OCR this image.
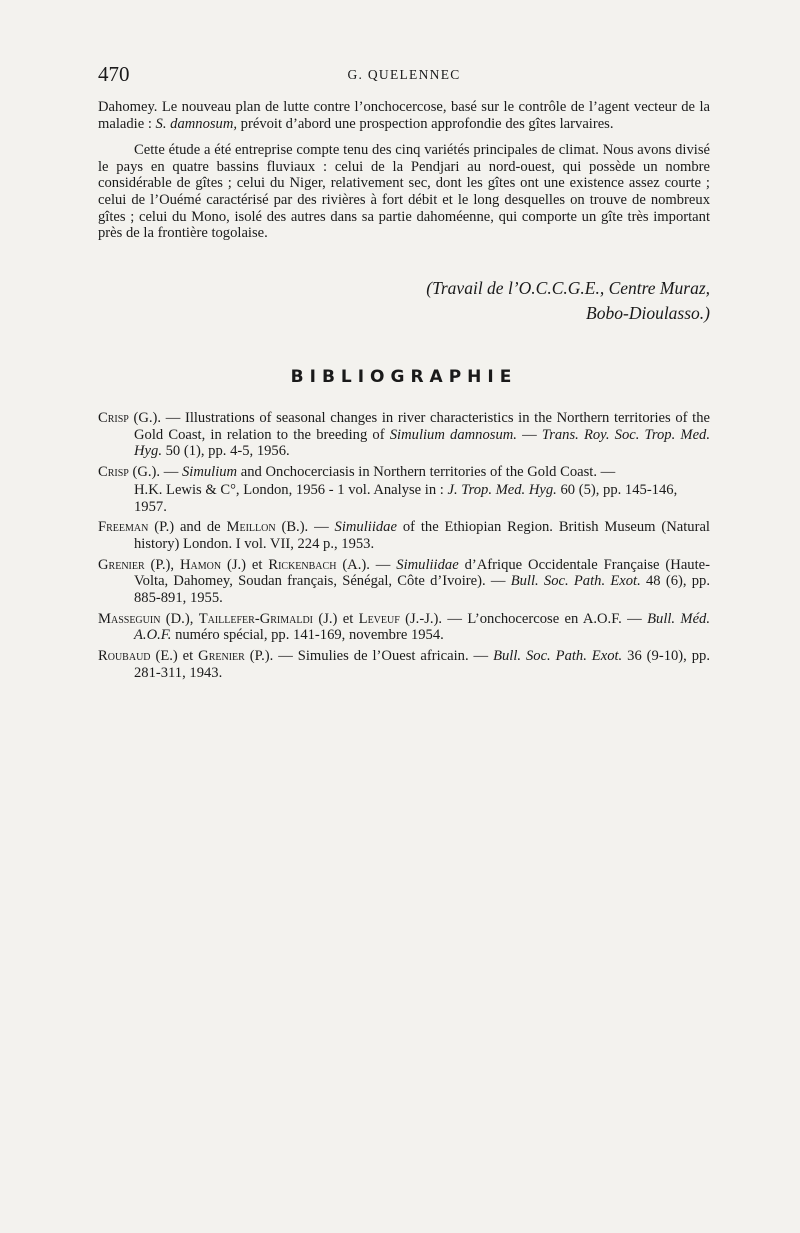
470	G. QUELENNEC

Dahomey. Le nouveau plan de lutte contre l’onchocercose, basé sur le contrôle de l’agent vecteur de la maladie : S. damnosum, prévoit d’abord une prospection approfondie des gîtes larvaires.

Cette étude a été entreprise compte tenu des cinq variétés principales de climat. Nous avons divisé le pays en quatre bassins fluviaux : celui de la Pendjari au nord-ouest, qui possède un nombre considérable de gîtes ; celui du Niger, relativement sec, dont les gîtes ont une existence assez courte ; celui de l’Ouémé caractérisé par des rivières à fort débit et le long desquelles on trouve de nombreux gîtes ; celui du Mono, isolé des autres dans sa partie dahoméenne, qui comporte un gîte très important près de la frontière togolaise.

(Travail de l’O.C.C.G.E., Centre Muraz,
Bobo-Dioulasso.)
BIBLIOGRAPHIE
Crisp (G.). — Illustrations of seasonal changes in river characteristics in the Northern territories of the Gold Coast, in relation to the breeding of Simulium damnosum. — Trans. Roy. Soc. Trop. Med. Hyg. 50 (1), pp. 4-5, 1956.
Crisp (G.). — Simulium and Onchocerciasis in Northern territories of the Gold Coast. —
H.K. Lewis & C°, London, 1956 - 1 vol. Analyse in : J. Trop. Med. Hyg. 60 (5), pp. 145-146, 1957.
Freeman (P.) and de Meillon (B.). — Simuliidae of the Ethiopian Region. British Museum (Natural history) London. I vol. VII, 224 p., 1953.
Grenier (P.), Hamon (J.) et Rickenbach (A.). — Simuliidae d’Afrique Occidentale Française (Haute-Volta, Dahomey, Soudan français, Sénégal, Côte d’Ivoire). — Bull. Soc. Path. Exot. 48 (6), pp. 885-891, 1955.
Masseguin (D.), Taillefer-Grimaldi (J.) et Leveuf (J.-J.). — L’onchocercose en A.O.F. — Bull. Méd. A.O.F. numéro spécial, pp. 141-169, novembre 1954.
Roubaud (E.) et Grenier (P.). — Simulies de l’Ouest africain. — Bull. Soc. Path. Exot. 36 (9-10), pp. 281-311, 1943.
